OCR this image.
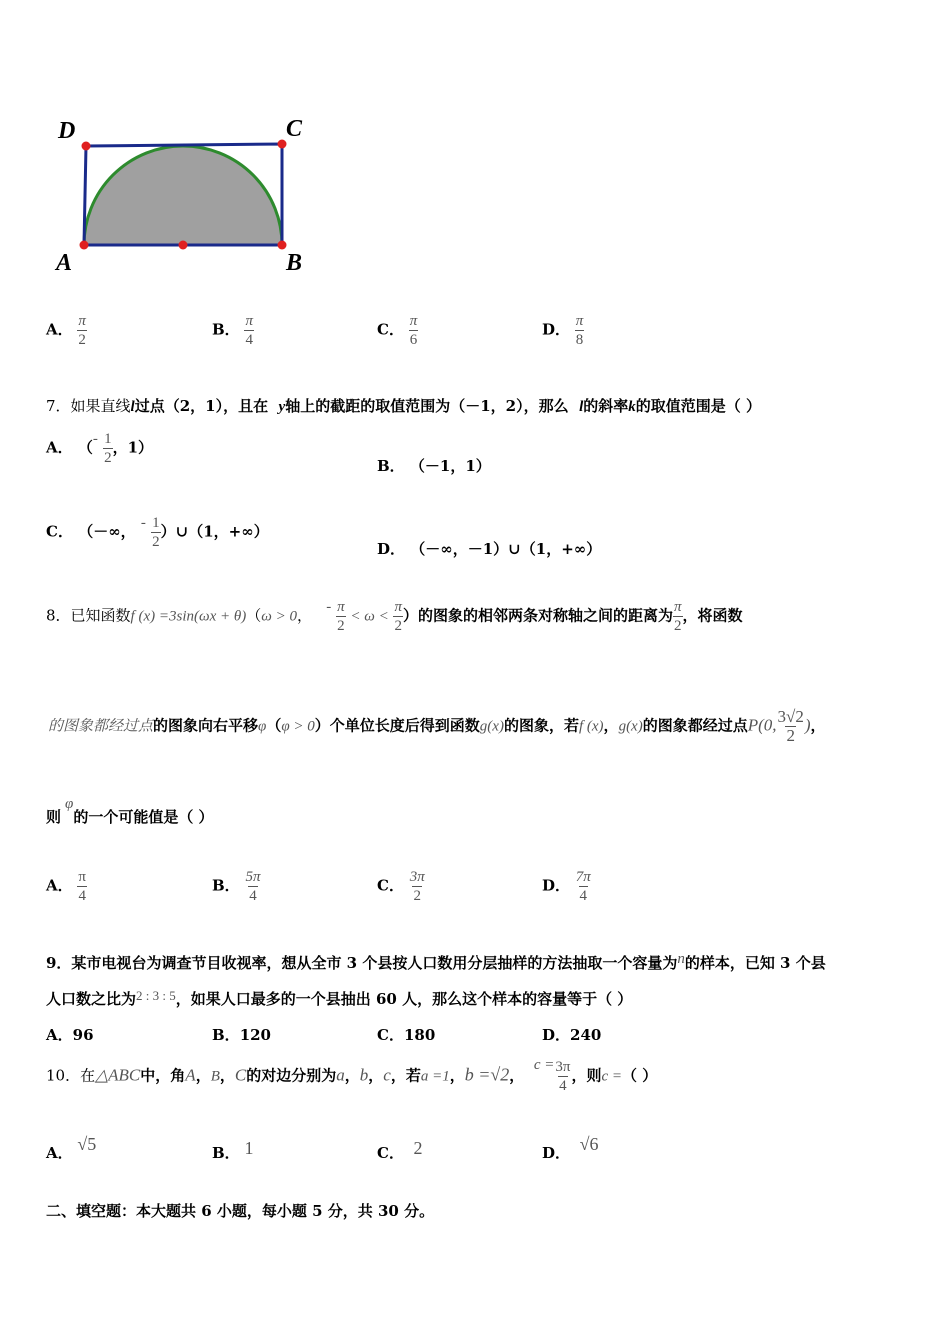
D	C
A	B
A． $\frac{\pi}{2}$	B． $\frac{\pi}{4}$	C． $\frac{\pi}{6}$	D． $\frac{\pi}{8}$
7．如果直线l过点（2，1），且在 y轴上的截距的取值范围为（－1，2），那么 l的斜率k的取值范围是（ ）
A． （- $\frac{1}{2}$ ，1）
B． （－1，1）
C． （－∞， - $\frac{1}{2}$ ）∪（1，+∞）
D． （－∞，－1）∪（1，+∞）
8．已知函数f (x) =3sin(ωx + θ)（ω > 0， - $\frac{\pi}{2} < \omega < \frac{\pi}{2}$ ）的图象的相邻两条对称轴之间的距离为 $\frac{\pi}{2}$ ，将函数
的图象都经过点的图象向右平移φ（φ > 0）个单位长度后得到函数g(x)的图象，若f (x)，g(x)的图象都经过点P(0, $\frac{3√2}{2}$ )，
则φ的一个可能值是（ ）
A． $\frac{\pi}{4}$	B． $\frac{5\pi}{4}$	C． $\frac{3\pi}{2}$	D． $\frac{7\pi}{4}$
9．某市电视台为调查节目收视率，想从全市 3 个县按人口数用分层抽样的方法抽取一个容量为n的样本，已知 3 个县
人口数之比为2 : 3 : 5，如果人口最多的一个县抽出 60 人，那么这个样本的容量等于（ ）
A．96	B．120	C．180	D．240
10．在△ABC中，角A，B，C的对边分别为a，b，c，若a =1，b =√2，  $c = \frac{3\pi}{4}$ ，则c =（ ）
A． √5	B． 1	C． 2	D． √6
二、填空题：本大题共 6 小题，每小题 5 分，共 30 分。
